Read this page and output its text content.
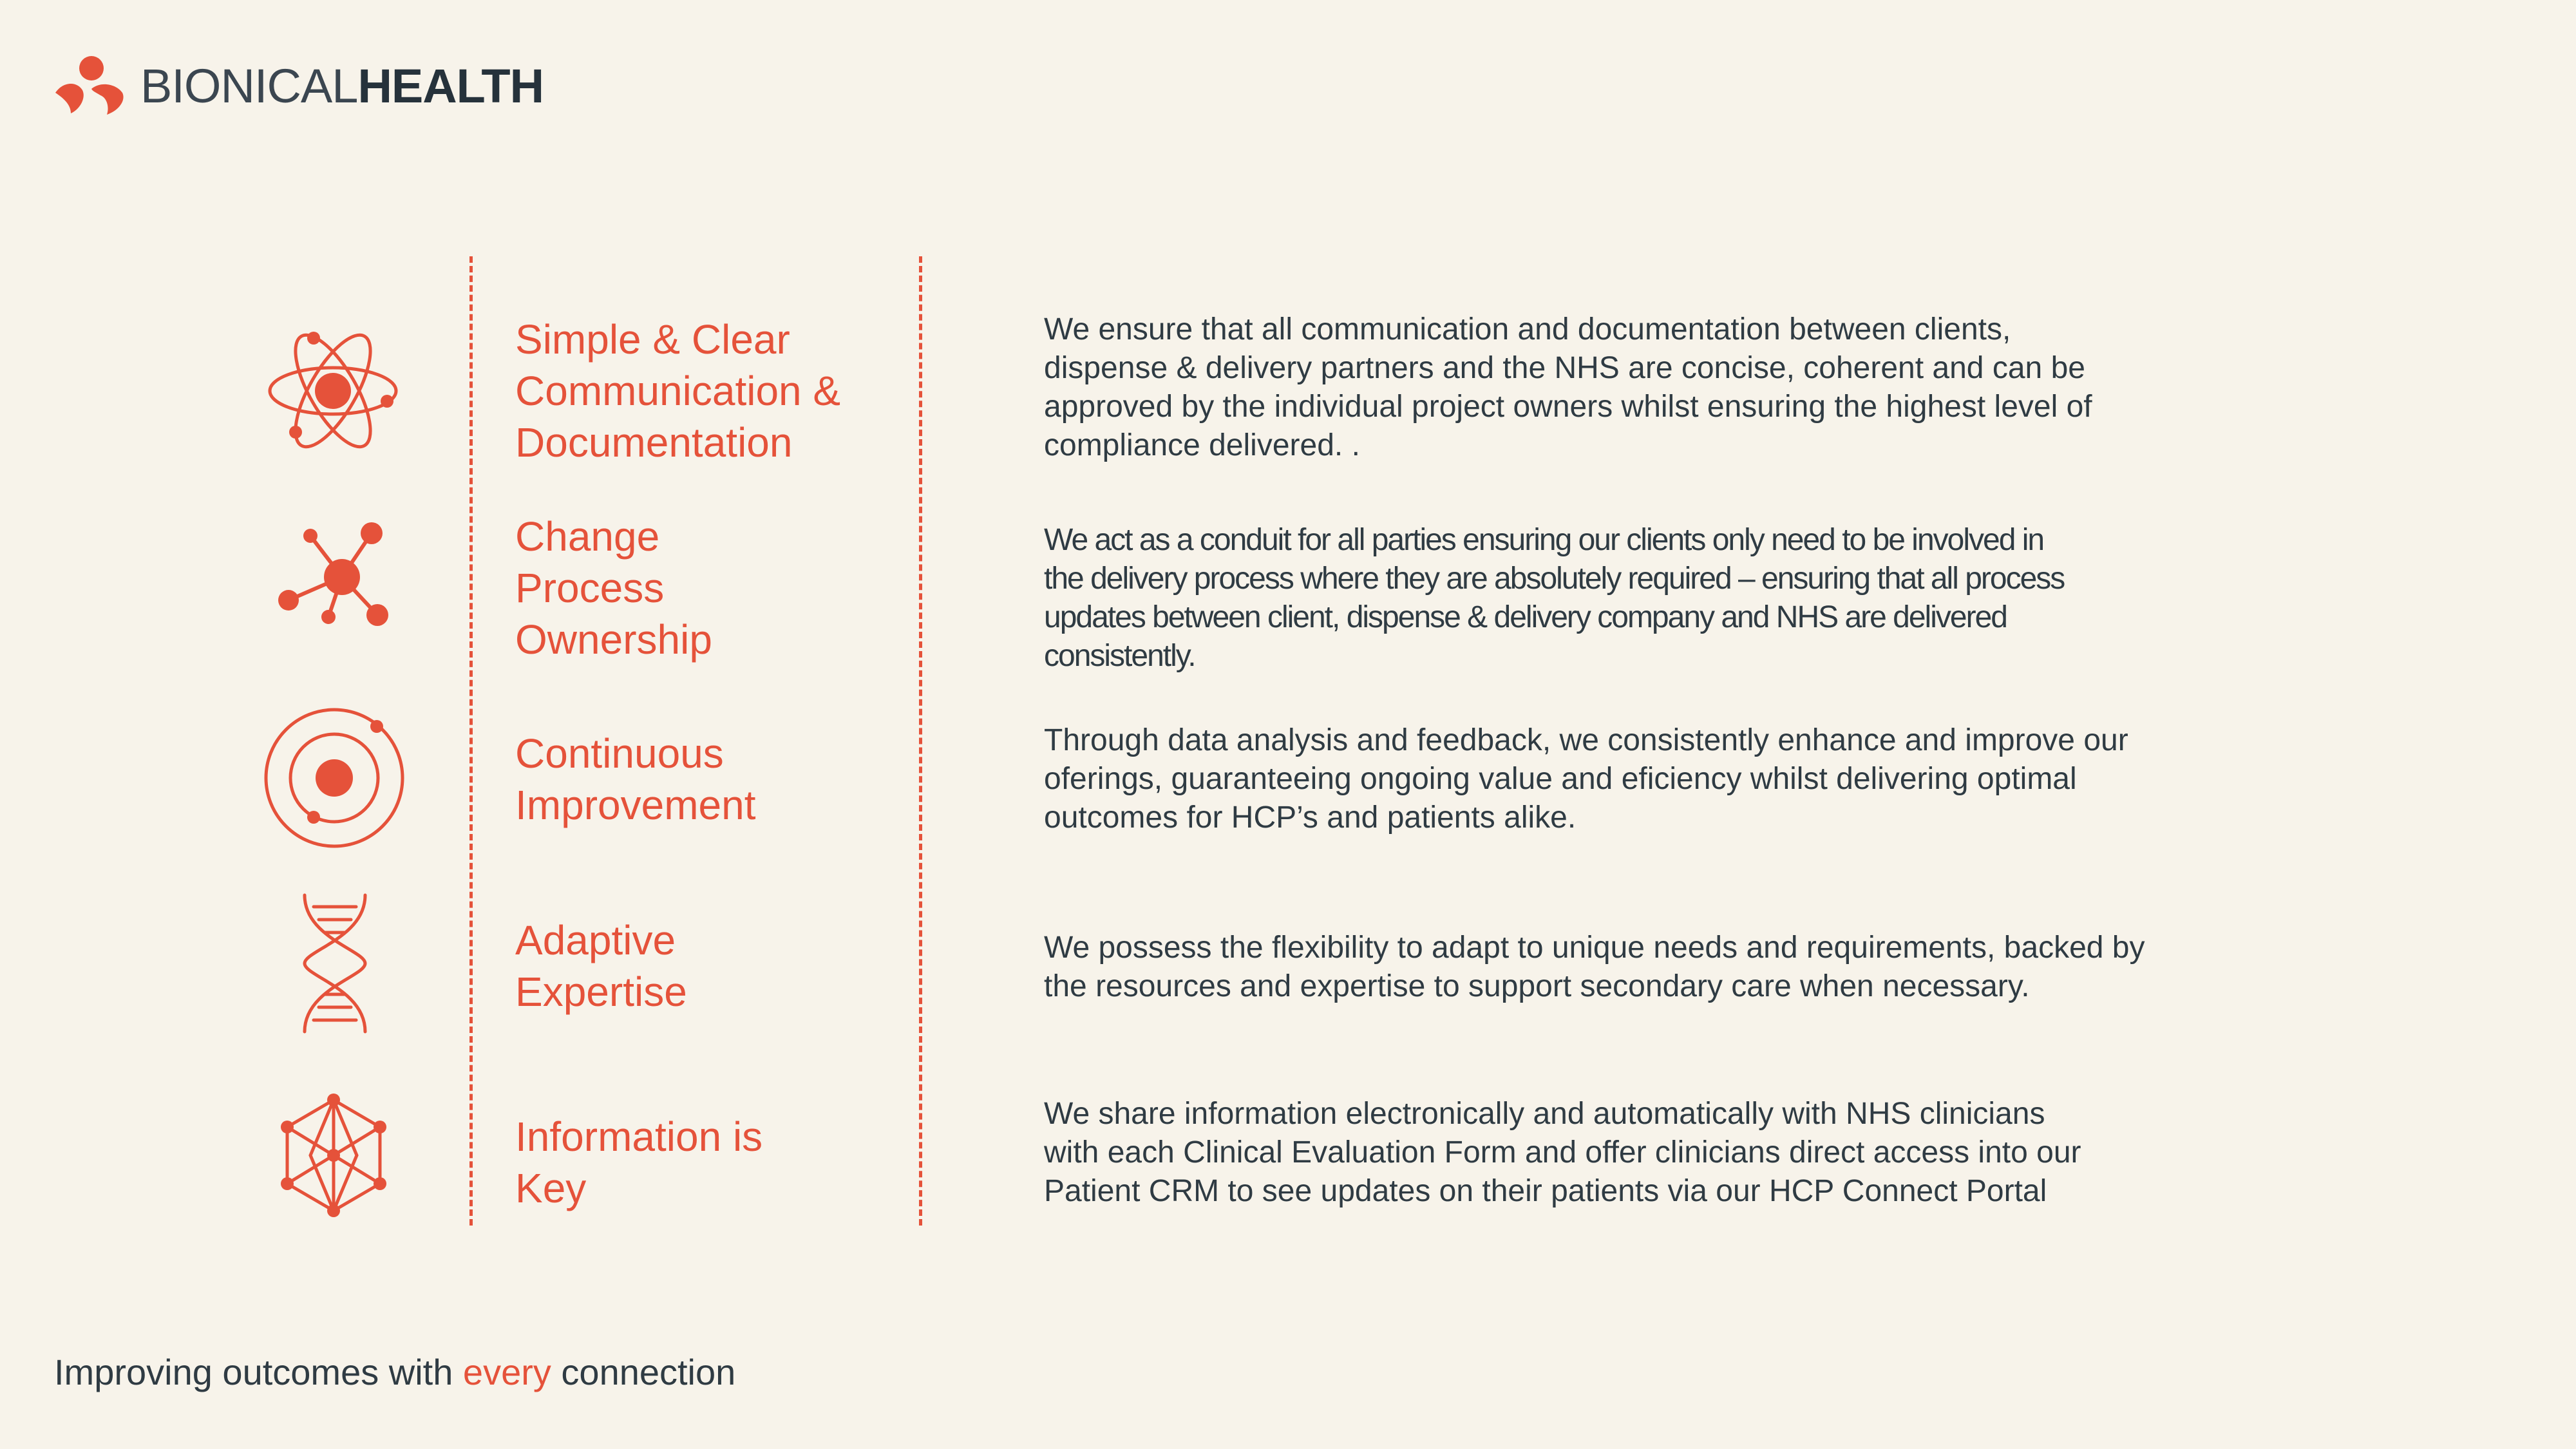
BIONICALHEALTH
Simple & Clear
Communication &
Documentation
We ensure that all communication and documentation between clients,
dispense & delivery partners and the NHS are concise, coherent and can be
approved by the individual project owners whilst ensuring the highest level of
compliance delivered. .
Change
Process
Ownership
We act as a conduit for all parties ensuring our clients only need to be involved in
the delivery process where they are absolutely required – ensuring that all process
updates between client, dispense & delivery company and NHS are delivered
consistently.
Continuous
Improvement
Through data analysis and feedback, we consistently enhance and improve our
oferings, guaranteeing ongoing value and eficiency whilst delivering optimal
outcomes for HCP’s and patients alike.
Adaptive
Expertise
We possess the flexibility to adapt to unique needs and requirements, backed by
the resources and expertise to support secondary care when necessary.
Information is
Key
We share information electronically and automatically with NHS clinicians
with each Clinical Evaluation Form and offer clinicians direct access into our
Patient CRM to see updates on their patients via our HCP Connect Portal
Improving outcomes with every connection
